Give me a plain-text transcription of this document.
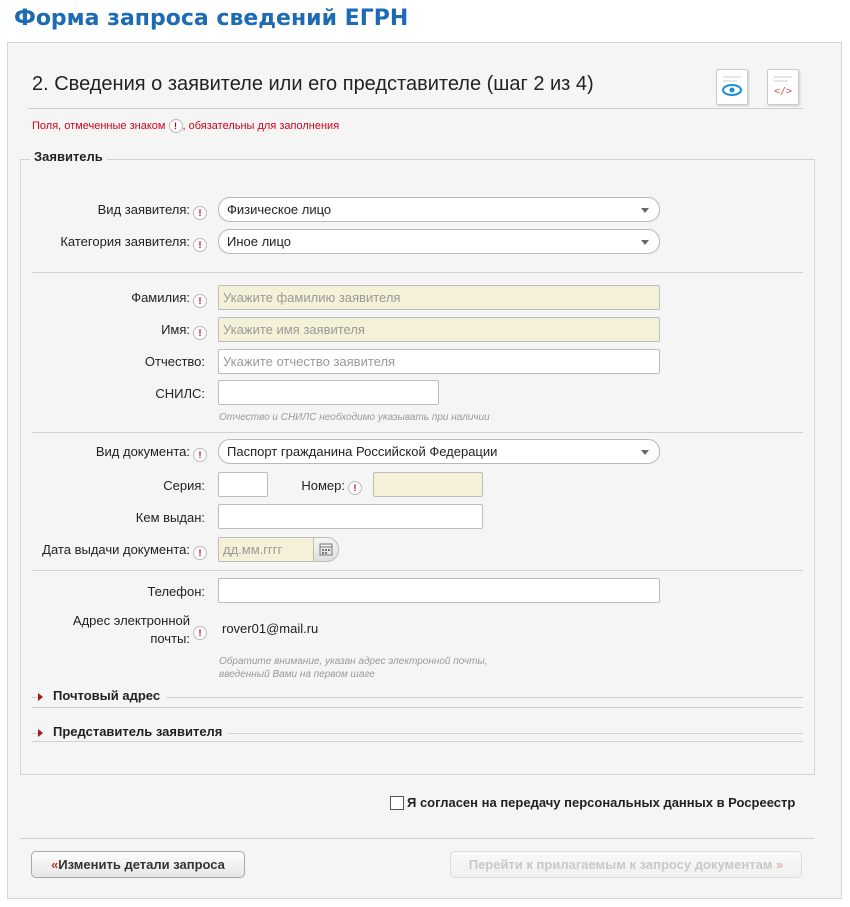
Форма запроса сведений ЕГРН
2. Сведения о заявителе или его представителе (шаг 2 из 4)	</>
Поля, отмеченные знаком ! , обязательны для заполнения
Заявитель
Вид заявителя: !	Физическое лицо
Категория заявителя: !	Иное лицо
Фамилия: !	Укажите фамилию заявителя
Имя: !	Укажите имя заявителя
Отчество:	Укажите отчество заявителя
СНИЛС:
Отчество и СНИЛС необходимо указывать при наличии
Вид документа: !	Паспорт гражданина Российской Федерации
Серия:	Номер: !
Кем выдан:
Дата выдачи документа: !	дд.мм.гггг
Телефон:
Адрес электронной
почты: !	rover01@mail.ru
Обратите внимание, указан адрес электронной почты,
введенный Вами на первом шаге
Почтовый адрес
Представитель заявителя
Я согласен на передачу персональных данных в Росреестр
«Изменить детали запроса	Перейти к прилагаемым к запросу документам »
